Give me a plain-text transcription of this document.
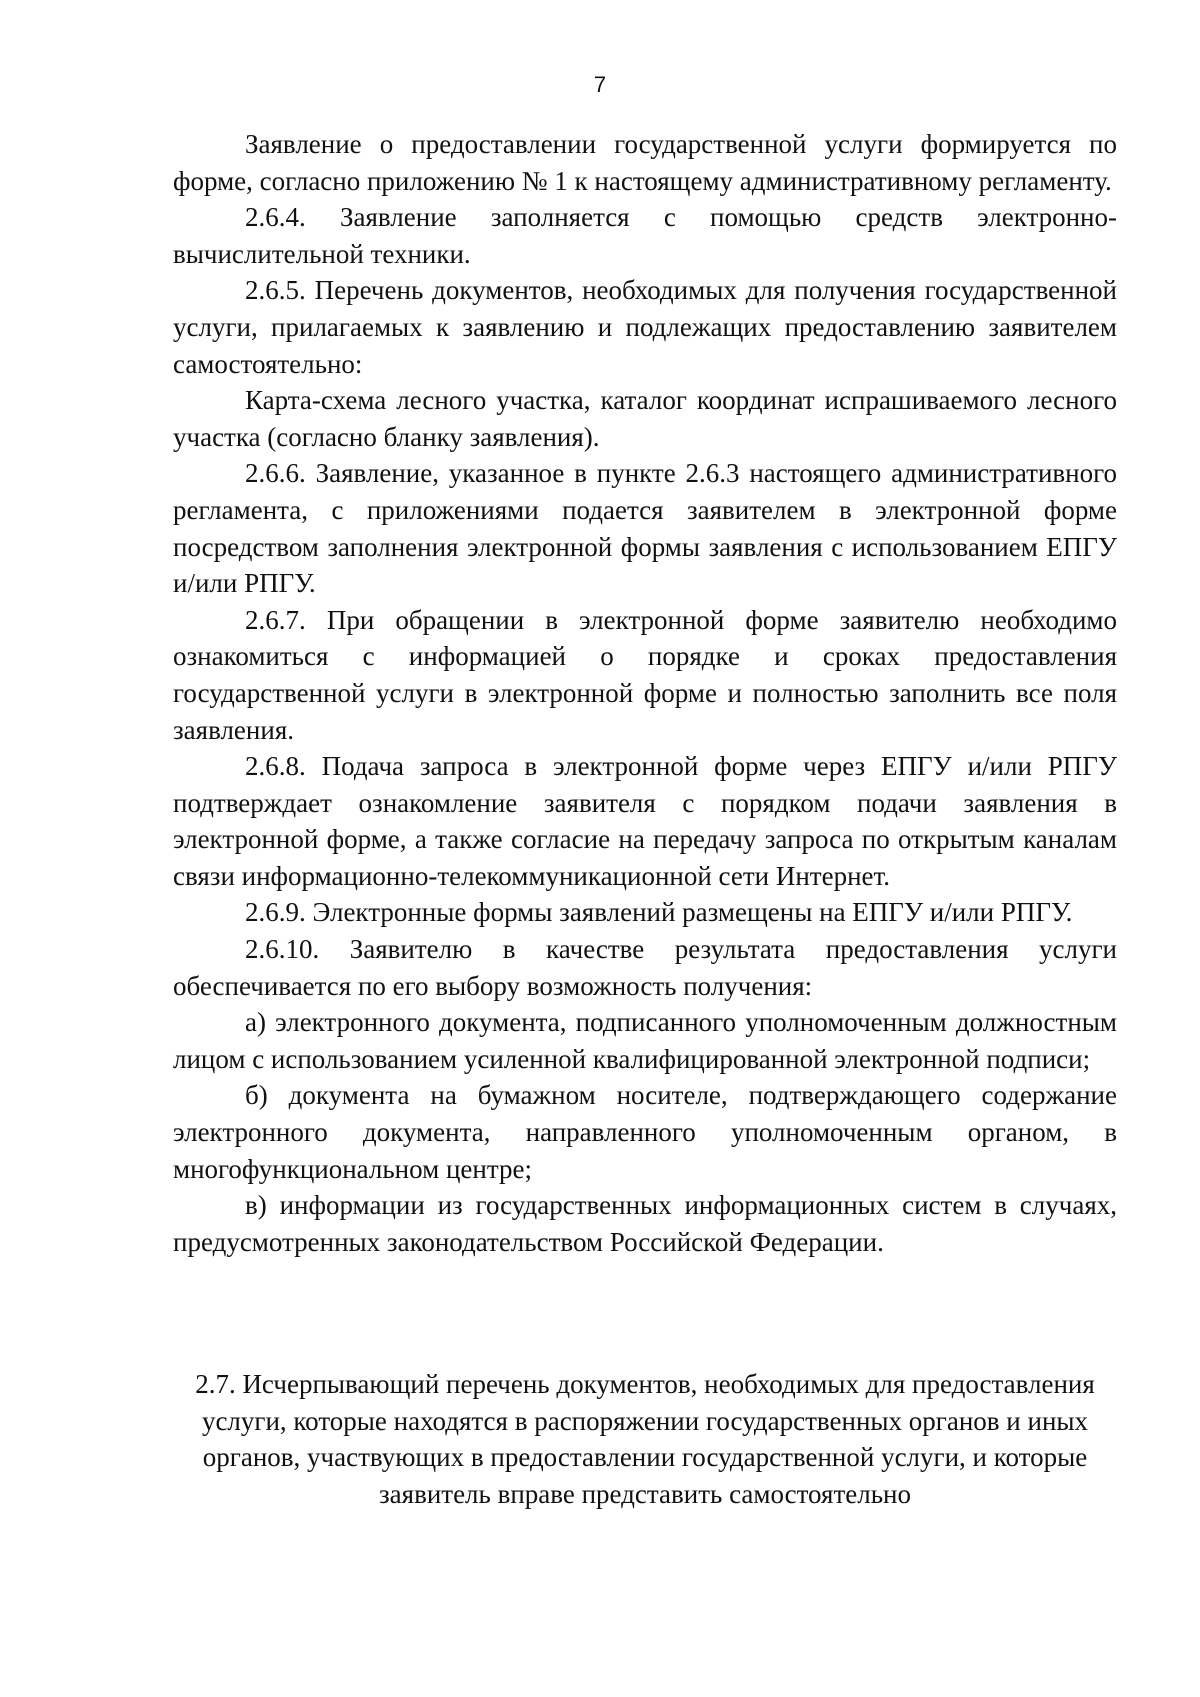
7

Заявление о предоставлении государственной услуги формируется по форме, согласно приложению № 1 к настоящему административному регламенту.

2.6.4. Заявление заполняется с помощью средств электронно-вычислительной техники.

2.6.5. Перечень документов, необходимых для получения государственной услуги, прилагаемых к заявлению и подлежащих предоставлению заявителем самостоятельно:

Карта-схема лесного участка, каталог координат испрашиваемого лесного участка (согласно бланку заявления).

2.6.6. Заявление, указанное в пункте 2.6.3 настоящего административного регламента, с приложениями подается заявителем в электронной форме посредством заполнения электронной формы заявления с использованием ЕПГУ и/или РПГУ.

2.6.7. При обращении в электронной форме заявителю необходимо ознакомиться с информацией о порядке и сроках предоставления государственной услуги в электронной форме и полностью заполнить все поля заявления.

2.6.8. Подача запроса в электронной форме через ЕПГУ и/или РПГУ подтверждает ознакомление заявителя с порядком подачи заявления в электронной форме, а также согласие на передачу запроса по открытым каналам связи информационно-телекоммуникационной сети Интернет.

2.6.9. Электронные формы заявлений размещены на ЕПГУ и/или РПГУ.

2.6.10. Заявителю в качестве результата предоставления услуги обеспечивается по его выбору возможность получения:

а) электронного документа, подписанного уполномоченным должностным лицом с использованием усиленной квалифицированной электронной подписи;

б) документа на бумажном носителе, подтверждающего содержание электронного документа, направленного уполномоченным органом, в многофункциональном центре;

в) информации из государственных информационных систем в случаях, предусмотренных законодательством Российской Федерации.

2.7. Исчерпывающий перечень документов, необходимых для предоставления услуги, которые находятся в распоряжении государственных органов и иных органов, участвующих в предоставлении государственной услуги, и которые заявитель вправе представить самостоятельно
